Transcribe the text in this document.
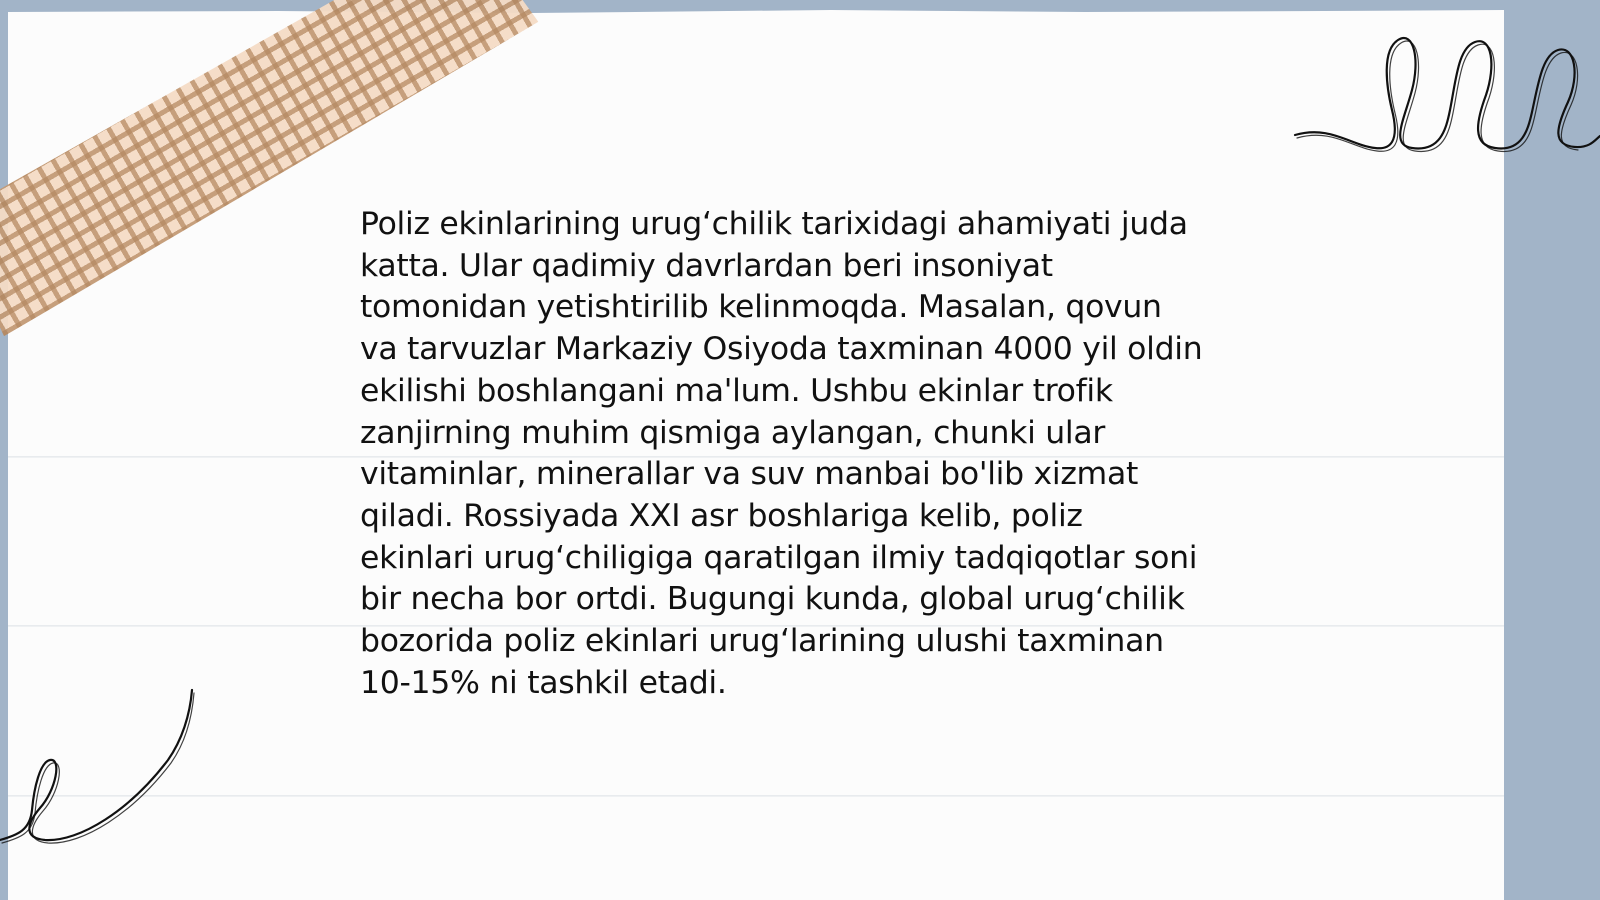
Poliz ekinlarining urug‘chilik tarixidagi ahamiyati juda
katta. Ular qadimiy davrlardan beri insoniyat
tomonidan yetishtirilib kelinmoqda. Masalan, qovun
va tarvuzlar Markaziy Osiyoda taxminan 4000 yil oldin
ekilishi boshlangani ma'lum. Ushbu ekinlar trofik
zanjirning muhim qismiga aylangan, chunki ular
vitaminlar, minerallar va suv manbai bo'lib xizmat
qiladi. Rossiyada XXI asr boshlariga kelib, poliz
ekinlari urug‘chiligiga qaratilgan ilmiy tadqiqotlar soni
bir necha bor ortdi. Bugungi kunda, global urug‘chilik
bozorida poliz ekinlari urug‘larining ulushi taxminan
10-15% ni tashkil etadi.
